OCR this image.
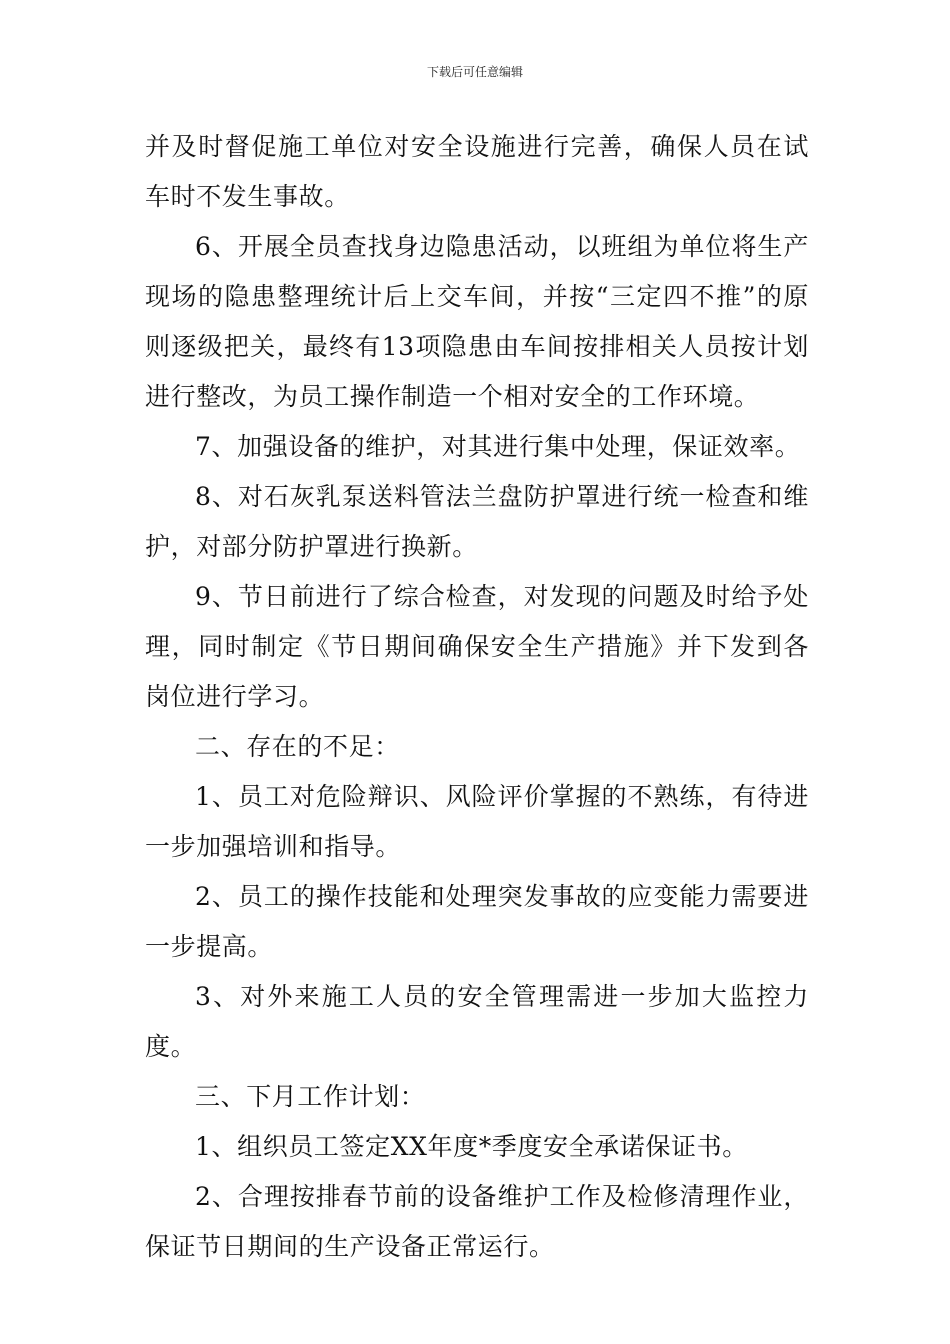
下载后可任意编辑

并及时督促施工单位对安全设施进行完善，确保人员在试车时不发生事故。

6、开展全员查找身边隐患活动，以班组为单位将生产现场的隐患整理统计后上交车间，并按“三定四不推”的原则逐级把关，最终有13项隐患由车间按排相关人员按计划进行整改，为员工操作制造一个相对安全的工作环境。

7、加强设备的维护，对其进行集中处理，保证效率。

8、对石灰乳泵送料管法兰盘防护罩进行统一检查和维护，对部分防护罩进行换新。

9、节日前进行了综合检查，对发现的问题及时给予处理，同时制定《节日期间确保安全生产措施》并下发到各岗位进行学习。

二、存在的不足：

1、员工对危险辩识、风险评价掌握的不熟练，有待进一步加强培训和指导。

2、员工的操作技能和处理突发事故的应变能力需要进一步提高。

3、对外来施工人员的安全管理需进一步加大监控力度。

三、下月工作计划：

1、组织员工签定XX年度*季度安全承诺保证书。

2、合理按排春节前的设备维护工作及检修清理作业，保证节日期间的生产设备正常运行。
